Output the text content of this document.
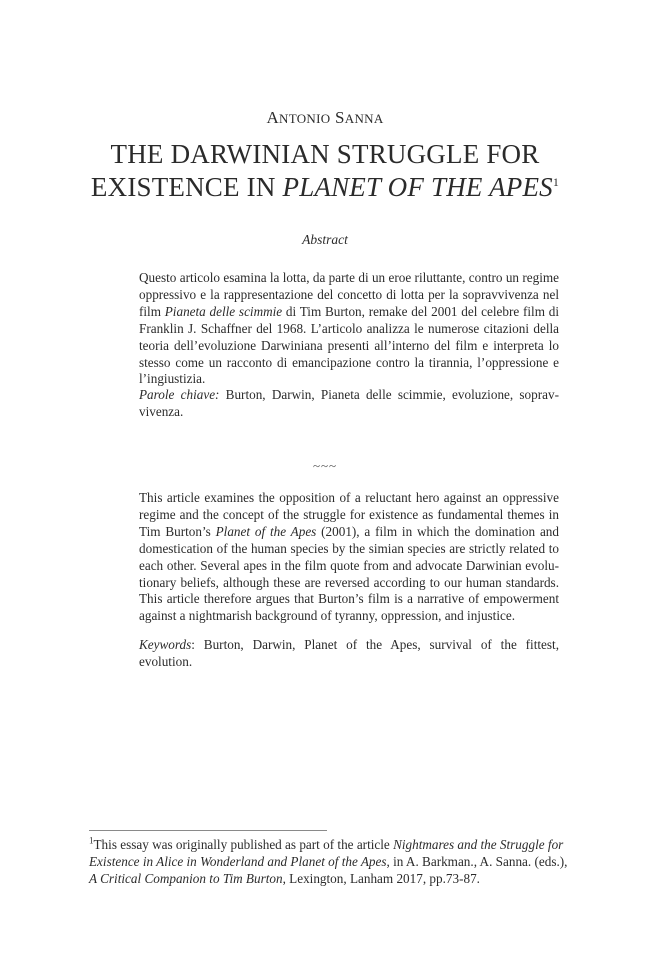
ANTONIO SANNA
THE DARWINIAN STRUGGLE FOR
EXISTENCE IN PLANET OF THE APES$^1$
Abstract
Questo articolo esamina la lotta, da parte di un eroe riluttante, contro un regime oppressivo e la rappresentazione del concetto di lotta per la sopravvivenza nel film Pianeta delle scimmie di Tim Burton, remake del 2001 del celebre film di Franklin J. Schaffner del 1968. L’articolo analizza le numerose citazioni della teoria dell’evoluzione Darwiniana presenti all’interno del film e interpreta lo stesso come un racconto di emancipazione contro la tirannia, l’oppressione e l’ingiustizia.
Parole chiave: Burton, Darwin, Pianeta delle scimmie, evoluzione, sopravvivenza.
~~~
This article examines the opposition of a reluctant hero against an oppressive regime and the concept of the struggle for existence as fundamental themes in Tim Burton’s Planet of the Apes (2001), a film in which the domination and domestication of the human species by the simian species are strictly related to each other. Several apes in the film quote from and advocate Darwinian evolutionary beliefs, although these are reversed according to our human standards. This article therefore argues that Burton’s film is a narrative of empowerment against a nightmarish background of tyranny, oppression, and injustice.
Keywords: Burton, Darwin, Planet of the Apes, survival of the fittest, evolution.
$^1$This essay was originally published as part of the article Nightmares and the Struggle for Existence in Alice in Wonderland and Planet of the Apes, in A. Barkman., A. Sanna. (eds.), A Critical Companion to Tim Burton, Lexington, Lanham 2017, pp.73-87.
